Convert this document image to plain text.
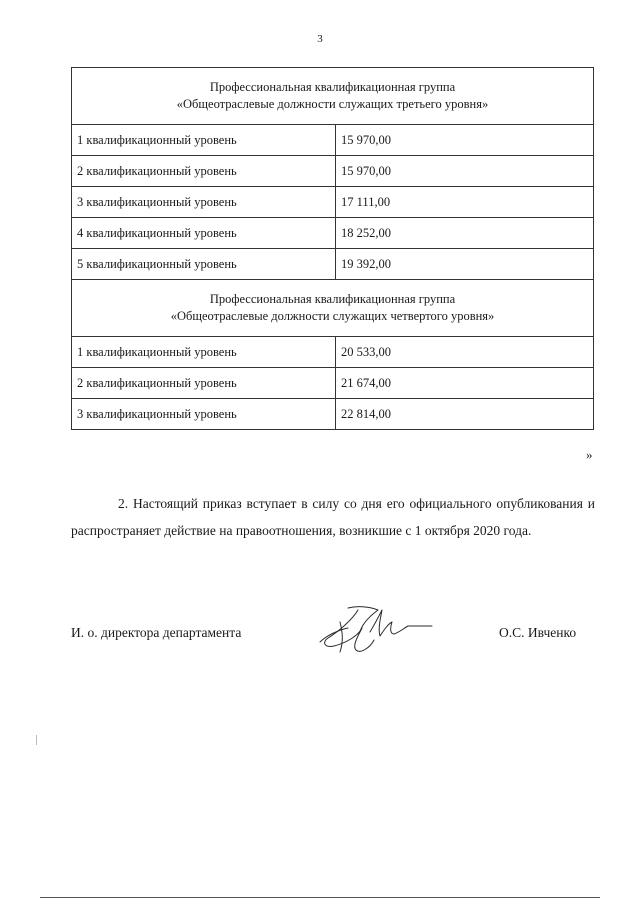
3
Профессиональная квалификационная группа
«Общеотраслевые должности служащих третьего уровня»	
1 квалификационный уровень	15 970,00
2 квалификационный уровень	15 970,00
3 квалификационный уровень	17 111,00
4 квалификационный уровень	18 252,00
5 квалификационный уровень	19 392,00
Профессиональная квалификационная группа
«Общеотраслевые должности служащих четвертого уровня»	
1 квалификационный уровень	20 533,00
2 квалификационный уровень	21 674,00
3 квалификационный уровень	22 814,00
»

2. Настоящий приказ вступает в силу со дня его официального опубликования и распространяет действие на правоотношения, возникшие с 1 октября 2020 года.

И. о. директора департамента	О.С. Ивченко
